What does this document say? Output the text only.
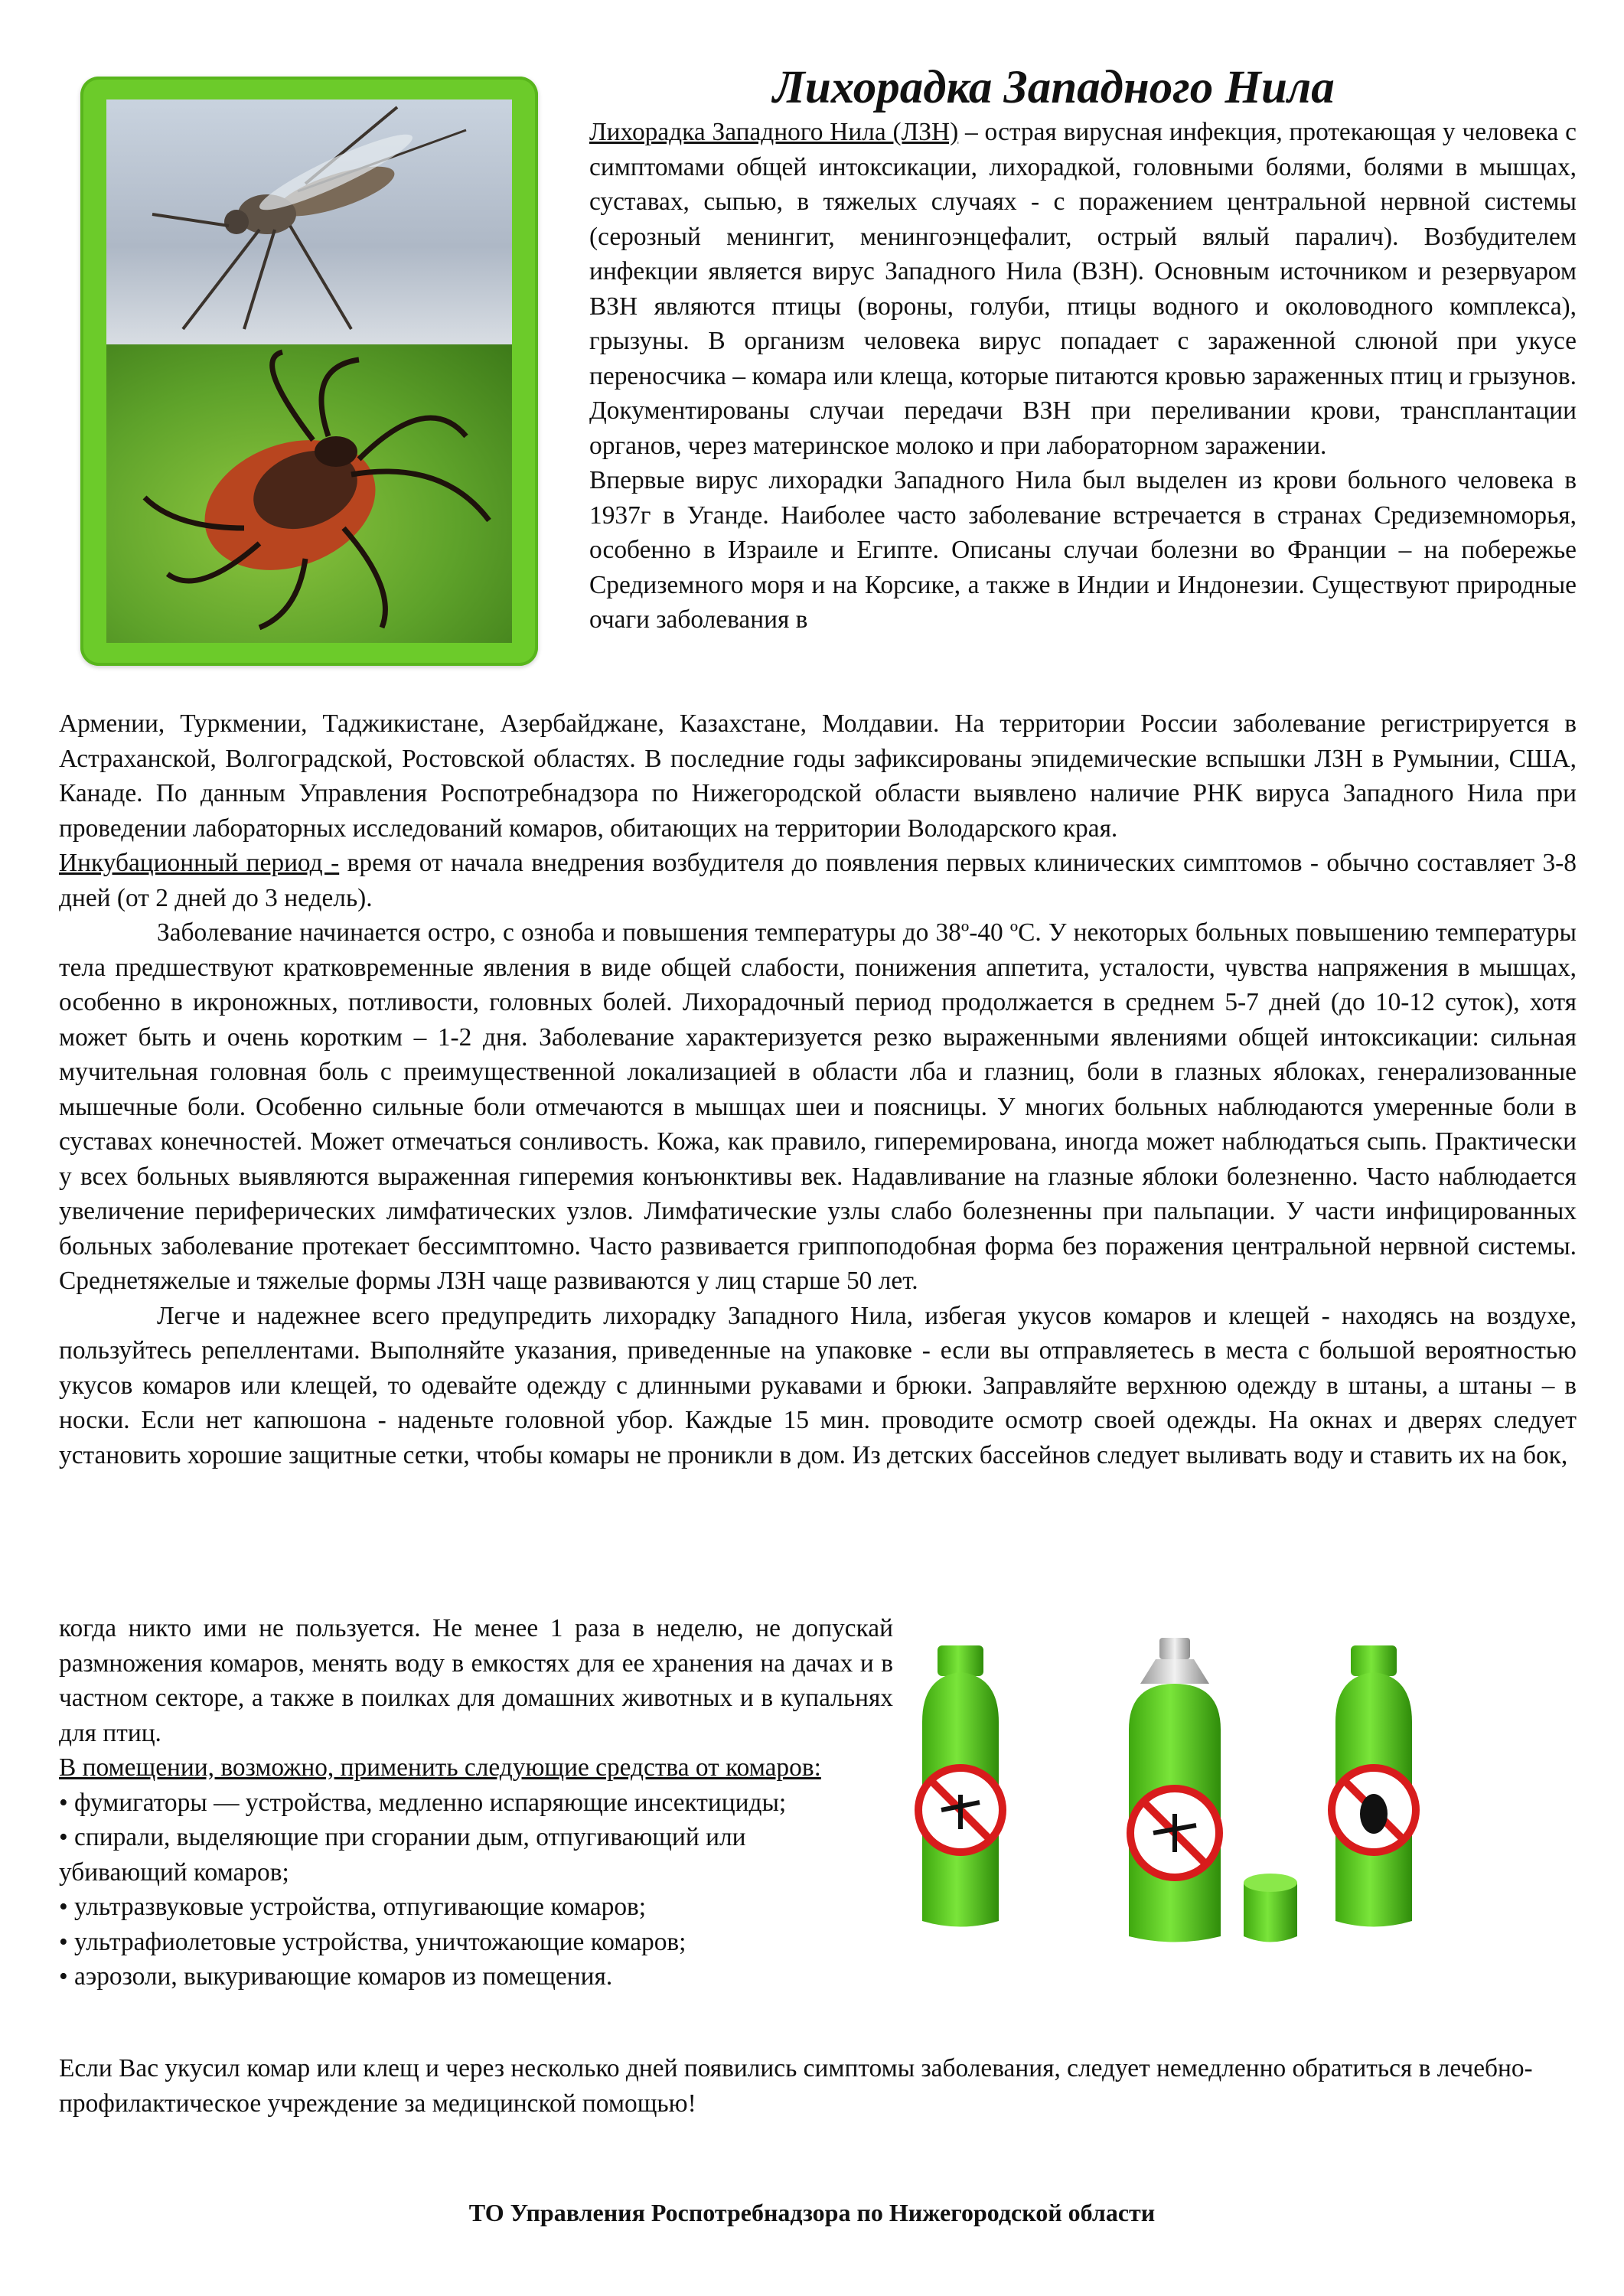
Лихорадка Западного Нила

Лихорадка Западного Нила (ЛЗН) – острая вирусная инфекция, протекающая у человека с симптомами общей интоксикации, лихорадкой, головными болями, болями в мышцах, суставах, сыпью, в тяжелых случаях - с поражением центральной нервной системы (серозный менингит, менингоэнцефалит, острый вялый паралич). Возбудителем инфекции является вирус Западного Нила (ВЗН). Основным источником и резервуаром ВЗН являются птицы (вороны, голуби, птицы водного и околоводного комплекса), грызуны. В организм человека вирус попадает с зараженной слюной при укусе переносчика – комара или клеща, которые питаются кровью зараженных птиц и грызунов. Документированы случаи передачи ВЗН при переливании крови, трансплантации органов, через материнское молоко и при лабораторном заражении.

Впервые вирус лихорадки Западного Нила был выделен из крови больного человека в 1937г в Уганде. Наиболее часто заболевание встречается в странах Средиземноморья, особенно в Израиле и Египте. Описаны случаи болезни во Франции – на побережье Средиземного моря и на Корсике, а также в Индии и Индонезии. Существуют природные очаги заболевания в

Армении, Туркмении, Таджикистане, Азербайджане, Казахстане, Молдавии. На территории России заболевание регистрируется в Астраханской, Волгоградской, Ростовской областях. В последние годы зафиксированы эпидемические вспышки ЛЗН в Румынии, США, Канаде. По данным Управления Роспотребнадзора по Нижегородской области выявлено наличие РНК вируса Западного Нила при проведении лабораторных исследований комаров, обитающих на территории Володарского края.

Инкубационный период - время от начала внедрения возбудителя до появления первых клинических симптомов - обычно составляет 3-8 дней (от 2 дней до 3 недель).

Заболевание начинается остро, с озноба и повышения температуры до 38º-40 ºС. У некоторых больных повышению температуры тела предшествуют кратковременные явления в виде общей слабости, понижения аппетита, усталости, чувства напряжения в мышцах, особенно в икроножных, потливости, головных болей. Лихорадочный период продолжается в среднем 5-7 дней (до 10-12 суток), хотя может быть и очень коротким – 1-2 дня. Заболевание характеризуется резко выраженными явлениями общей интоксикации: сильная мучительная головная боль с преимущественной локализацией в области лба и глазниц, боли в глазных яблоках, генерализованные мышечные боли. Особенно сильные боли отмечаются в мышцах шеи и поясницы. У многих больных наблюдаются умеренные боли в суставах конечностей. Может отмечаться сонливость. Кожа, как правило, гиперемирована, иногда может наблюдаться сыпь. Практически у всех больных выявляются выраженная гиперемия конъюнктивы век. Надавливание на глазные яблоки болезненно. Часто наблюдается увеличение периферических лимфатических узлов. Лимфатические узлы слабо болезненны при пальпации. У части инфицированных больных заболевание протекает бессимптомно. Часто развивается гриппоподобная форма без поражения центральной нервной системы. Среднетяжелые и тяжелые формы ЛЗН чаще развиваются у лиц старше 50 лет.

Легче и надежнее всего предупредить лихорадку Западного Нила, избегая укусов комаров и клещей - находясь на воздухе, пользуйтесь репеллентами. Выполняйте указания, приведенные на упаковке - если вы отправляетесь в места с большой вероятностью укусов комаров или клещей, то одевайте одежду с длинными рукавами и брюки. Заправляйте верхнюю одежду в штаны, а штаны – в носки. Если нет капюшона - наденьте головной убор. Каждые 15 мин. проводите осмотр своей одежды. На окнах и дверях следует установить хорошие защитные сетки, чтобы комары не проникли в дом. Из детских бассейнов следует выливать воду и ставить их на бок,

когда никто ими не пользуется. Не менее 1 раза в неделю, не допускай размножения комаров, менять воду в емкостях для ее хранения на дачах и в частном секторе, а также в поилках для домашних животных и в купальнях для птиц.

В помещении, возможно, применить следующие средства от комаров:

• фумигаторы — устройства, медленно испаряющие инсектициды;
• спирали, выделяющие при сгорании дым, отпугивающий или убивающий комаров;
• ультразвуковые устройства, отпугивающие комаров;
• ультрафиолетовые устройства, уничтожающие комаров;
• аэрозоли, выкуривающие комаров из помещения.

Если Вас укусил комар или клещ и через несколько дней появились симптомы заболевания, следует немедленно обратиться в лечебно-профилактическое учреждение за медицинской помощью!
ТО Управления Роспотребнадзора по Нижегородской области
